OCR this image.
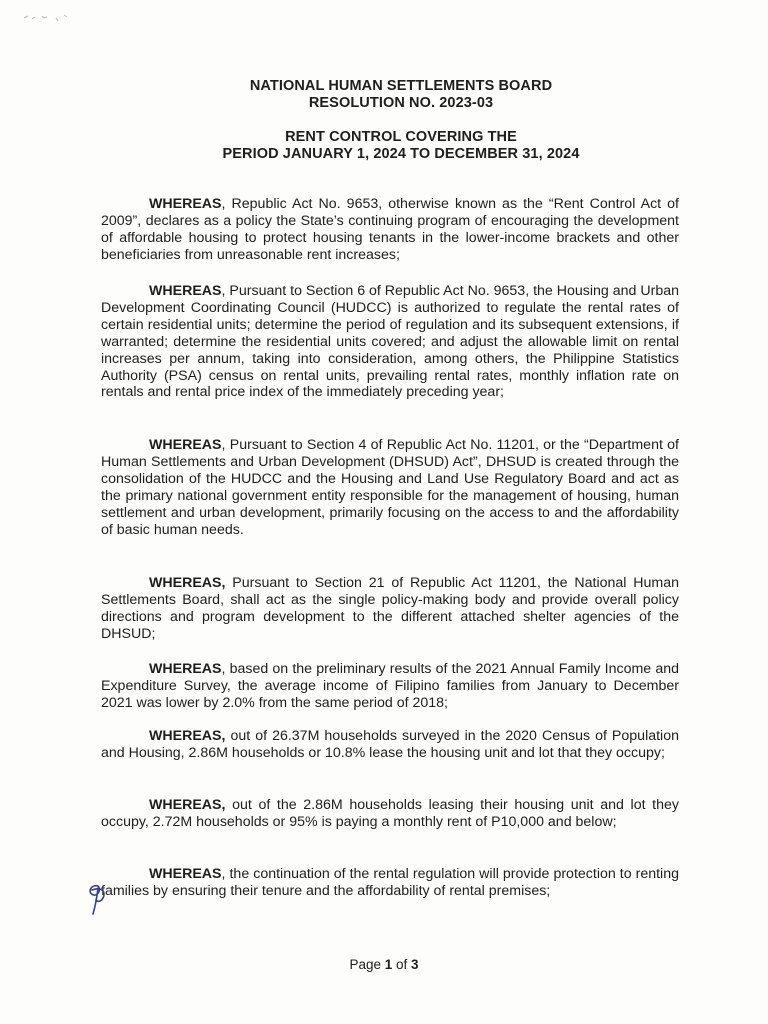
NATIONAL HUMAN SETTLEMENTS BOARD
RESOLUTION NO. 2023-03
RENT CONTROL COVERING THE
PERIOD JANUARY 1, 2024 TO DECEMBER 31, 2024

WHEREAS, Republic Act No. 9653, otherwise known as the “Rent Control Act of 2009”, declares as a policy the State’s continuing program of encouraging the development of affordable housing to protect housing tenants in the lower-income brackets and other beneficiaries from unreasonable rent increases;

WHEREAS, Pursuant to Section 6 of Republic Act No. 9653, the Housing and Urban Development Coordinating Council (HUDCC) is authorized to regulate the rental rates of certain residential units; determine the period of regulation and its subsequent extensions, if warranted; determine the residential units covered; and adjust the allowable limit on rental increases per annum, taking into consideration, among others, the Philippine Statistics Authority (PSA) census on rental units, prevailing rental rates, monthly inflation rate on rentals and rental price index of the immediately preceding year;

WHEREAS, Pursuant to Section 4 of Republic Act No. 11201, or the “Department of Human Settlements and Urban Development (DHSUD) Act”, DHSUD is created through the consolidation of the HUDCC and the Housing and Land Use Regulatory Board and act as the primary national government entity responsible for the management of housing, human settlement and urban development, primarily focusing on the access to and the affordability of basic human needs.

WHEREAS, Pursuant to Section 21 of Republic Act 11201, the National Human Settlements Board, shall act as the single policy-making body and provide overall policy directions and program development to the different attached shelter agencies of the DHSUD;

WHEREAS, based on the preliminary results of the 2021 Annual Family Income and Expenditure Survey, the average income of Filipino families from January to December 2021 was lower by 2.0% from the same period of 2018;

WHEREAS, out of 26.37M households surveyed in the 2020 Census of Population and Housing, 2.86M households or 10.8% lease the housing unit and lot that they occupy;

WHEREAS, out of the 2.86M households leasing their housing unit and lot they occupy, 2.72M households or 95% is paying a monthly rent of P10,000 and below;

WHEREAS, the continuation of the rental regulation will provide protection to renting families by ensuring their tenure and the affordability of rental premises;

Page 1 of 3
